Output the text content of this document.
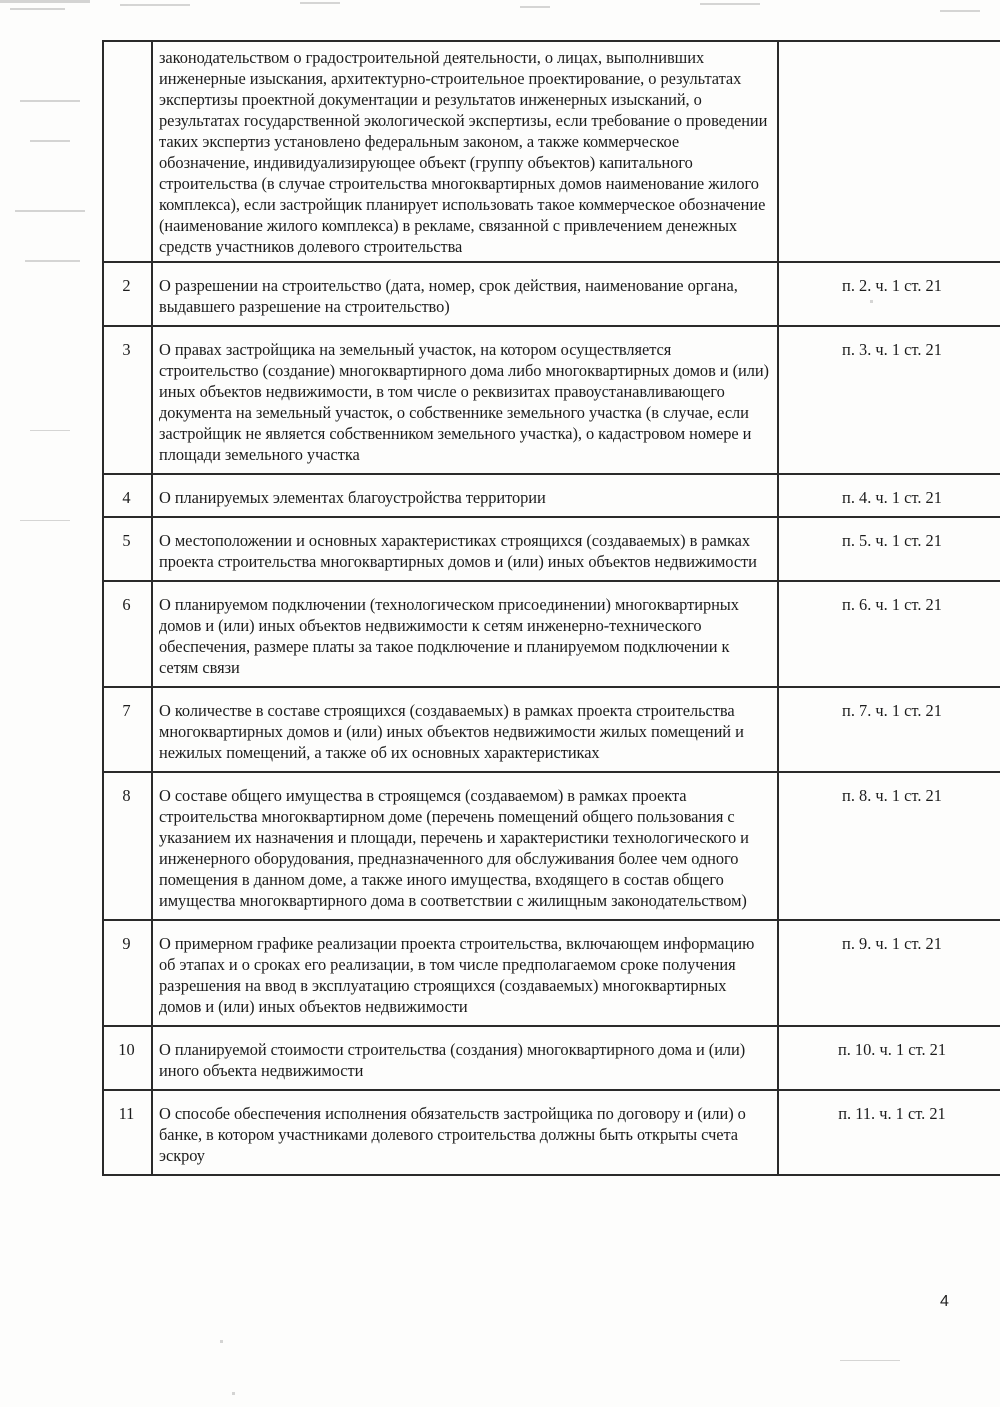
	законодательством о градостроительной деятельности, о лицах, выполнивших инженерные изыскания, архитектурно-строительное проектирование, о результатах экспертизы проектной документации и результатов инженерных изысканий, о результатах государственной экологической экспертизы, если требование о проведении таких экспертиз установлено федеральным законом, а также коммерческое обозначение, индивидуализирующее объект (группу объектов) капитального строительства (в случае строительства многоквартирных домов наименование жилого комплекса), если застройщик планирует использовать такое коммерческое обозначение (наименование жилого комплекса) в рекламе, связанной с привлечением денежных средств участников долевого строительства	

2	О разрешении на строительство (дата, номер, срок действия, наименование органа, выдавшего разрешение на строительство)	п. 2. ч. 1 ст. 21
3	О правах застройщика на земельный участок, на котором осуществляется строительство (создание) многоквартирного дома либо многоквартирных домов и (или) иных объектов недвижимости, в том числе о реквизитах правоустанавливающего документа на земельный участок, о собственнике земельного участка (в случае, если застройщик не является собственником земельного участка), о кадастровом номере и площади земельного участка	п. 3. ч. 1 ст. 21
4	О планируемых элементах благоустройства территории	п. 4. ч. 1 ст. 21
5	О местоположении и основных характеристиках строящихся (создаваемых) в рамках проекта строительства многоквартирных домов и (или) иных объектов недвижимости	п. 5. ч. 1 ст. 21
6	О планируемом подключении (технологическом присоединении) многоквартирных домов и (или) иных объектов недвижимости к сетям инженерно-технического обеспечения, размере платы за такое подключение и планируемом подключении к сетям связи	п. 6. ч. 1 ст. 21
7	О количестве в составе строящихся (создаваемых) в рамках проекта строительства многоквартирных домов и (или) иных объектов недвижимости жилых помещений и нежилых помещений, а также об их основных характеристиках	п. 7. ч. 1 ст. 21
8	О составе общего имущества в строящемся (создаваемом) в рамках проекта строительства многоквартирном доме (перечень помещений общего пользования с указанием их назначения и площади, перечень и характеристики технологического и инженерного оборудования, предназначенного для обслуживания более чем одного помещения в данном доме, а также иного имущества, входящего в состав общего имущества многоквартирного дома в соответствии с жилищным законодательством)	п. 8. ч. 1 ст. 21
9	О примерном графике реализации проекта строительства, включающем информацию об этапах и о сроках его реализации, в том числе предполагаемом сроке получения разрешения на ввод в эксплуатацию строящихся (создаваемых) многоквартирных домов и (или) иных объектов недвижимости	п. 9. ч. 1 ст. 21
10	О планируемой стоимости строительства (создания) многоквартирного дома и (или) иного объекта недвижимости	п. 10. ч. 1 ст. 21
11	О способе обеспечения исполнения обязательств застройщика по договору и (или) о банке, в котором участниками долевого строительства должны быть открыты счета эскроу	п. 11. ч. 1 ст. 21
4
